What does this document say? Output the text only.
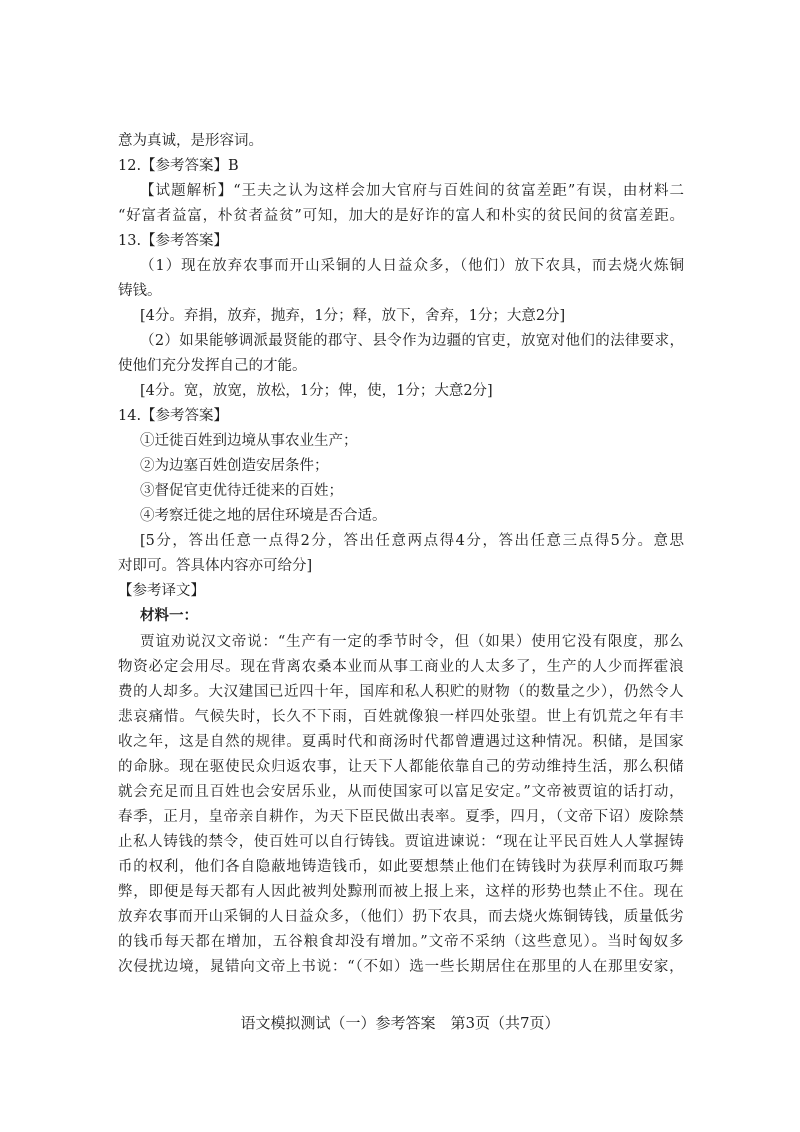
意为真诚，是形容词。
12.【参考答案】B
【试题解析】“王夫之认为这样会加大官府与百姓间的贫富差距”有误，由材料二
“好富者益富，朴贫者益贫”可知，加大的是好诈的富人和朴实的贫民间的贫富差距。
13.【参考答案】
（1）现在放弃农事而开山采铜的人日益众多，（他们）放下农具，而去烧火炼铜
铸钱。
[4分。弃捐，放弃，抛弃，1分；释，放下，舍弃，1分；大意2分]
（2）如果能够调派最贤能的郡守、县令作为边疆的官吏，放宽对他们的法律要求，
使他们充分发挥自己的才能。
[4分。宽，放宽，放松，1分；俾，使，1分；大意2分]
14.【参考答案】
①迁徙百姓到边境从事农业生产；
②为边塞百姓创造安居条件；
③督促官吏优待迁徙来的百姓；
④考察迁徙之地的居住环境是否合适。
[5分，答出任意一点得2分，答出任意两点得4分，答出任意三点得5分。意思
对即可。答具体内容亦可给分]
【参考译文】
材料一：
贾谊劝说汉文帝说：“生产有一定的季节时令，但（如果）使用它没有限度，那么
物资必定会用尽。现在背离农桑本业而从事工商业的人太多了，生产的人少而挥霍浪
费的人却多。大汉建国已近四十年，国库和私人积贮的财物（的数量之少），仍然令人
悲哀痛惜。气候失时，长久不下雨，百姓就像狼一样四处张望。世上有饥荒之年有丰
收之年，这是自然的规律。夏禹时代和商汤时代都曾遭遇过这种情况。积储，是国家
的命脉。现在驱使民众归返农事，让天下人都能依靠自己的劳动维持生活，那么积储
就会充足而且百姓也会安居乐业，从而使国家可以富足安定。”文帝被贾谊的话打动，
春季，正月，皇帝亲自耕作，为天下臣民做出表率。夏季，四月，（文帝下诏）废除禁
止私人铸钱的禁令，使百姓可以自行铸钱。贾谊进谏说：“现在让平民百姓人人掌握铸
币的权利，他们各自隐蔽地铸造钱币，如此要想禁止他们在铸钱时为获厚利而取巧舞
弊，即便是每天都有人因此被判处黥刑而被上报上来，这样的形势也禁止不住。现在
放弃农事而开山采铜的人日益众多，（他们）扔下农具，而去烧火炼铜铸钱，质量低劣
的钱币每天都在增加，五谷粮食却没有增加。”文帝不采纳（这些意见）。当时匈奴多
次侵扰边境，晁错向文帝上书说：“（不如）选一些长期居住在那里的人在那里安家，
语文模拟测试（一）参考答案　第3页（共7页）
